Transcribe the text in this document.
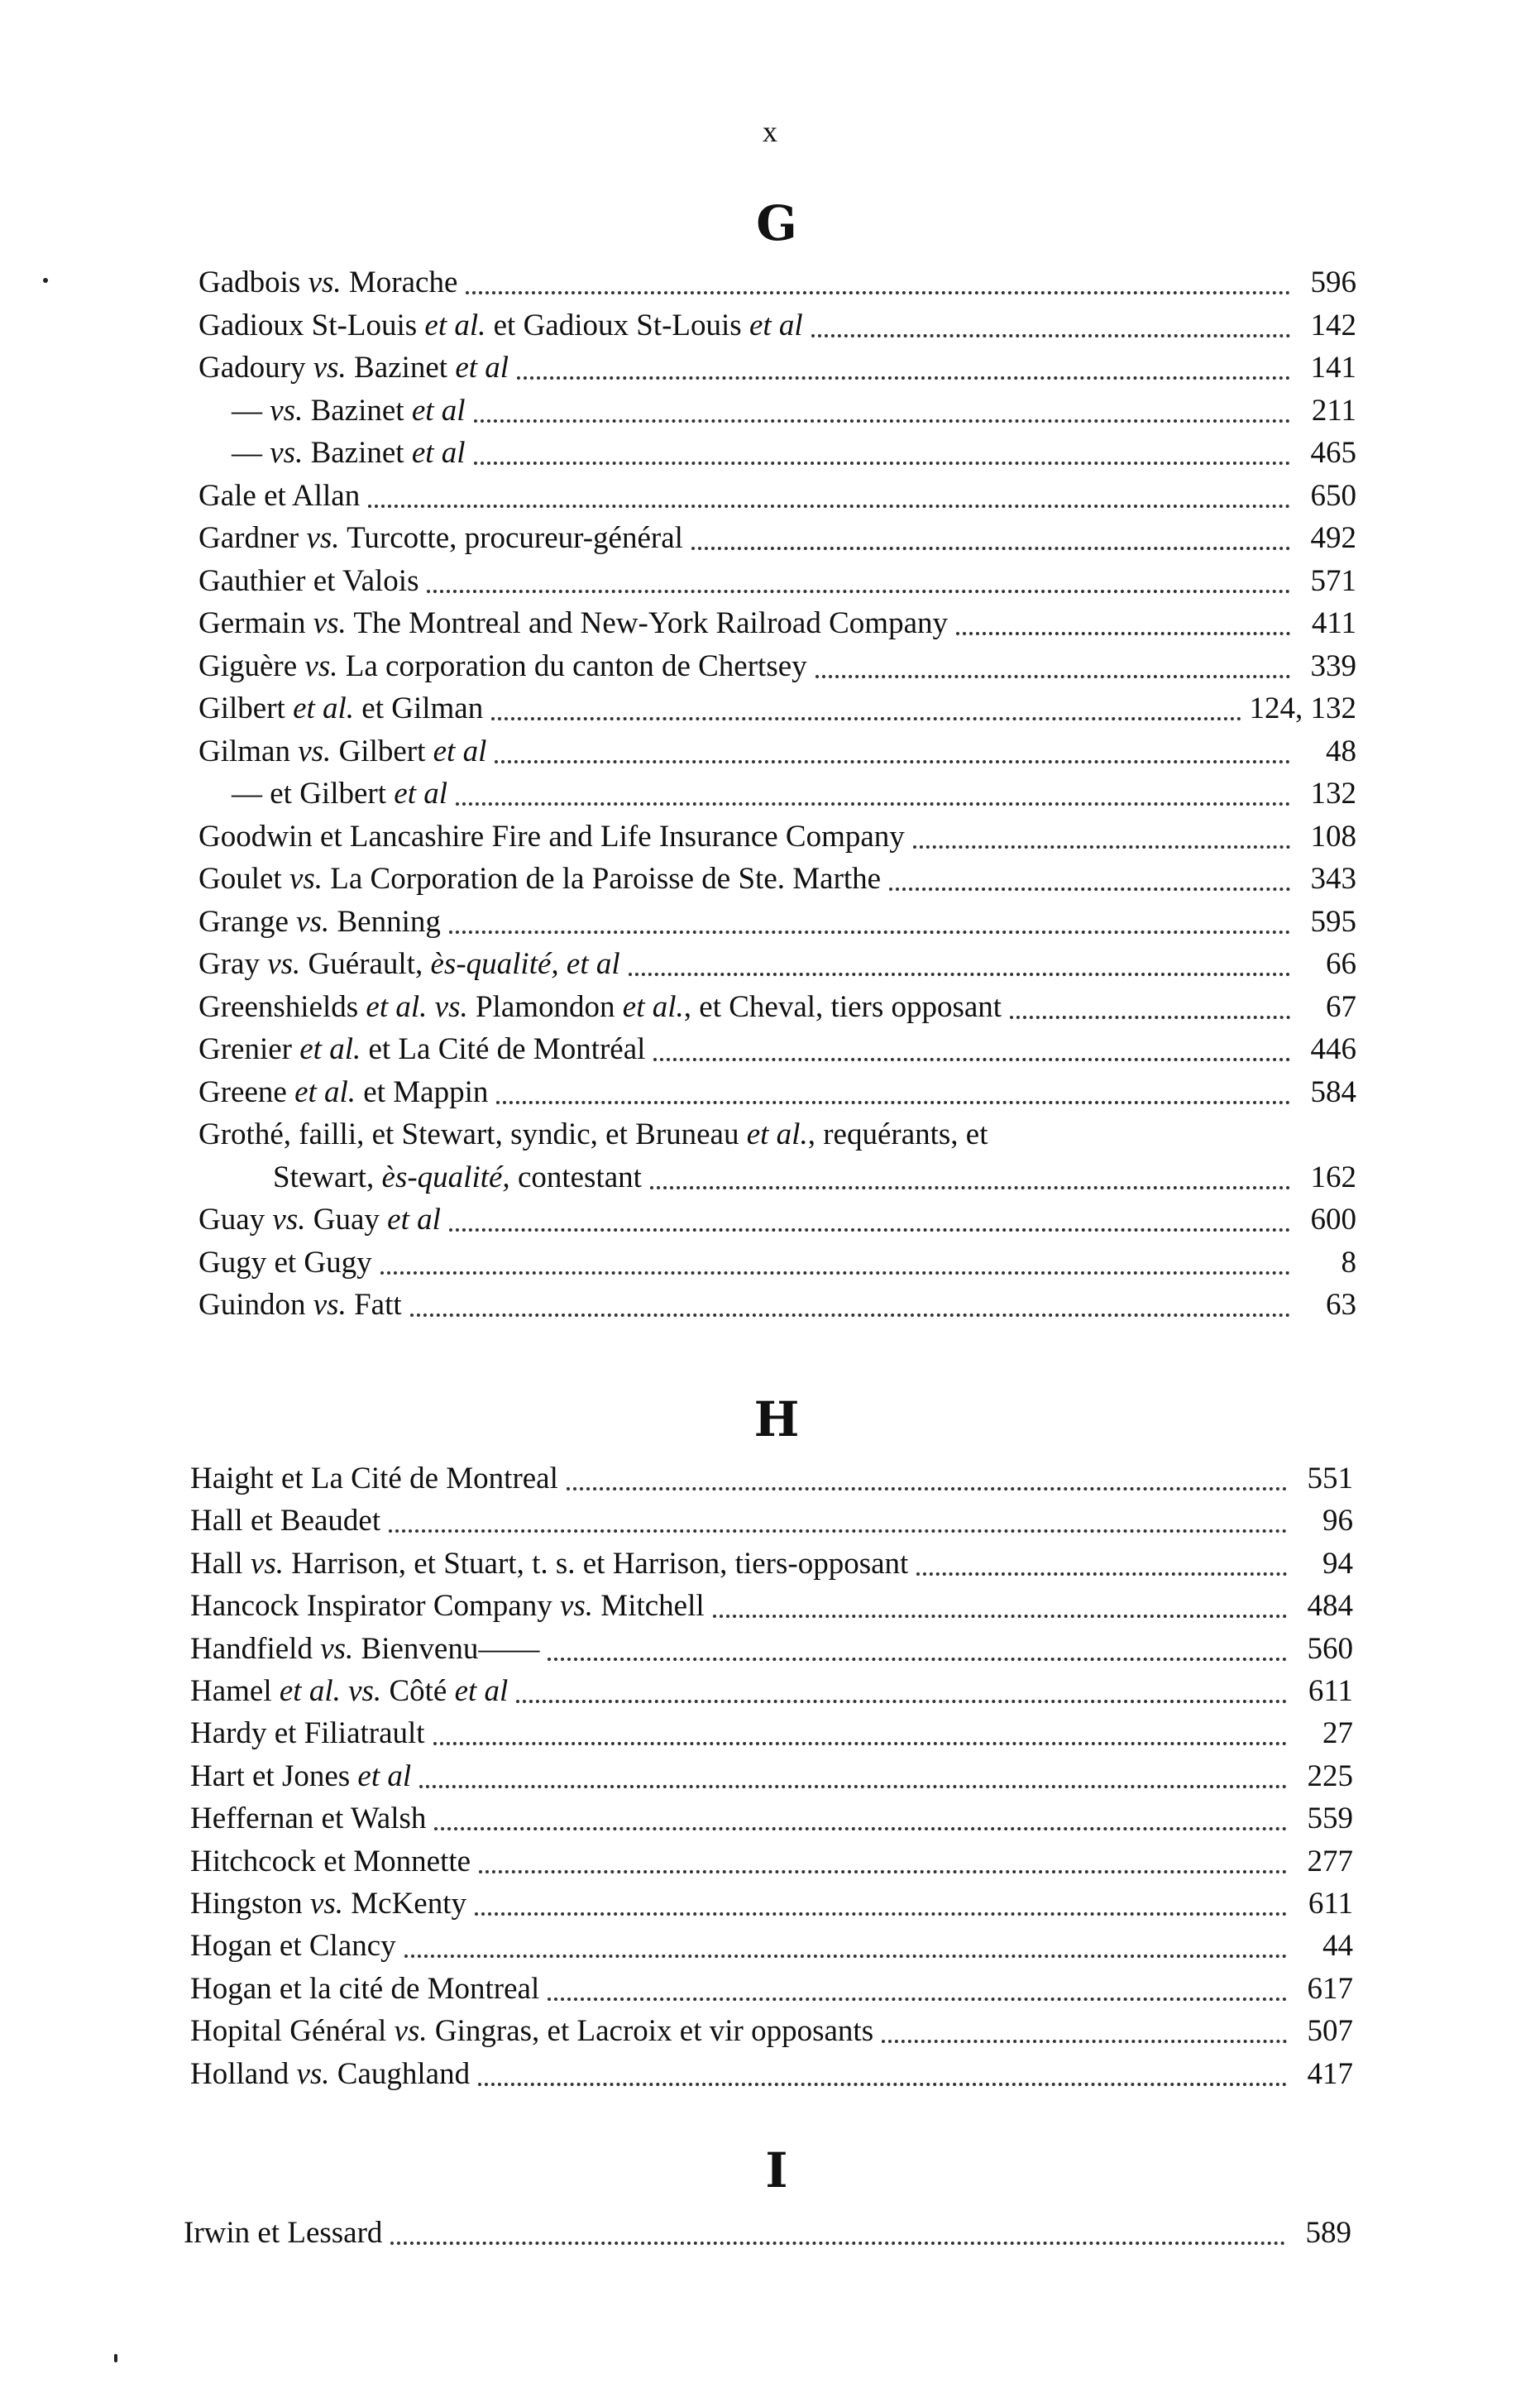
x
G
Gadbois vs. Morache	596
Gadioux St-Louis et al. et Gadioux St-Louis et al	142
Gadoury vs. Bazinet et al	141
— vs. Bazinet et al	211
— vs. Bazinet et al	465
Gale et Allan	650
Gardner vs. Turcotte, procureur-général	492
Gauthier et Valois	571
Germain vs. The Montreal and New-York Railroad Company	411
Giguère vs. La corporation du canton de Chertsey	339
Gilbert et al. et Gilman	124, 132
Gilman vs. Gilbert et al	48
— et Gilbert et al	132
Goodwin et Lancashire Fire and Life Insurance Company	108
Goulet vs. La Corporation de la Paroisse de Ste. Marthe	343
Grange vs. Benning	595
Gray vs. Guérault, ès-qualité, et al	66
Greenshields et al. vs. Plamondon et al., et Cheval, tiers opposant	67
Grenier et al. et La Cité de Montréal	446
Greene et al. et Mappin	584
Grothé, failli, et Stewart, syndic, et Bruneau et al., requérants, et
Stewart, ès-qualité, contestant	162
Guay vs. Guay et al	600
Gugy et Gugy	8
Guindon vs. Fatt	63
H
Haight et La Cité de Montreal	551
Hall et Beaudet	96
Hall vs. Harrison, et Stuart, t. s. et Harrison, tiers-opposant	94
Hancock Inspirator Company vs. Mitchell	484
Handfield vs. Bienvenu——	560
Hamel et al. vs. Côté et al	611
Hardy et Filiatrault	27
Hart et Jones et al	225
Heffernan et Walsh	559
Hitchcock et Monnette	277
Hingston vs. McKenty	611
Hogan et Clancy	44
Hogan et la cité de Montreal	617
Hopital Général vs. Gingras, et Lacroix et vir opposants	507
Holland vs. Caughland	417
I
Irwin et Lessard	589
